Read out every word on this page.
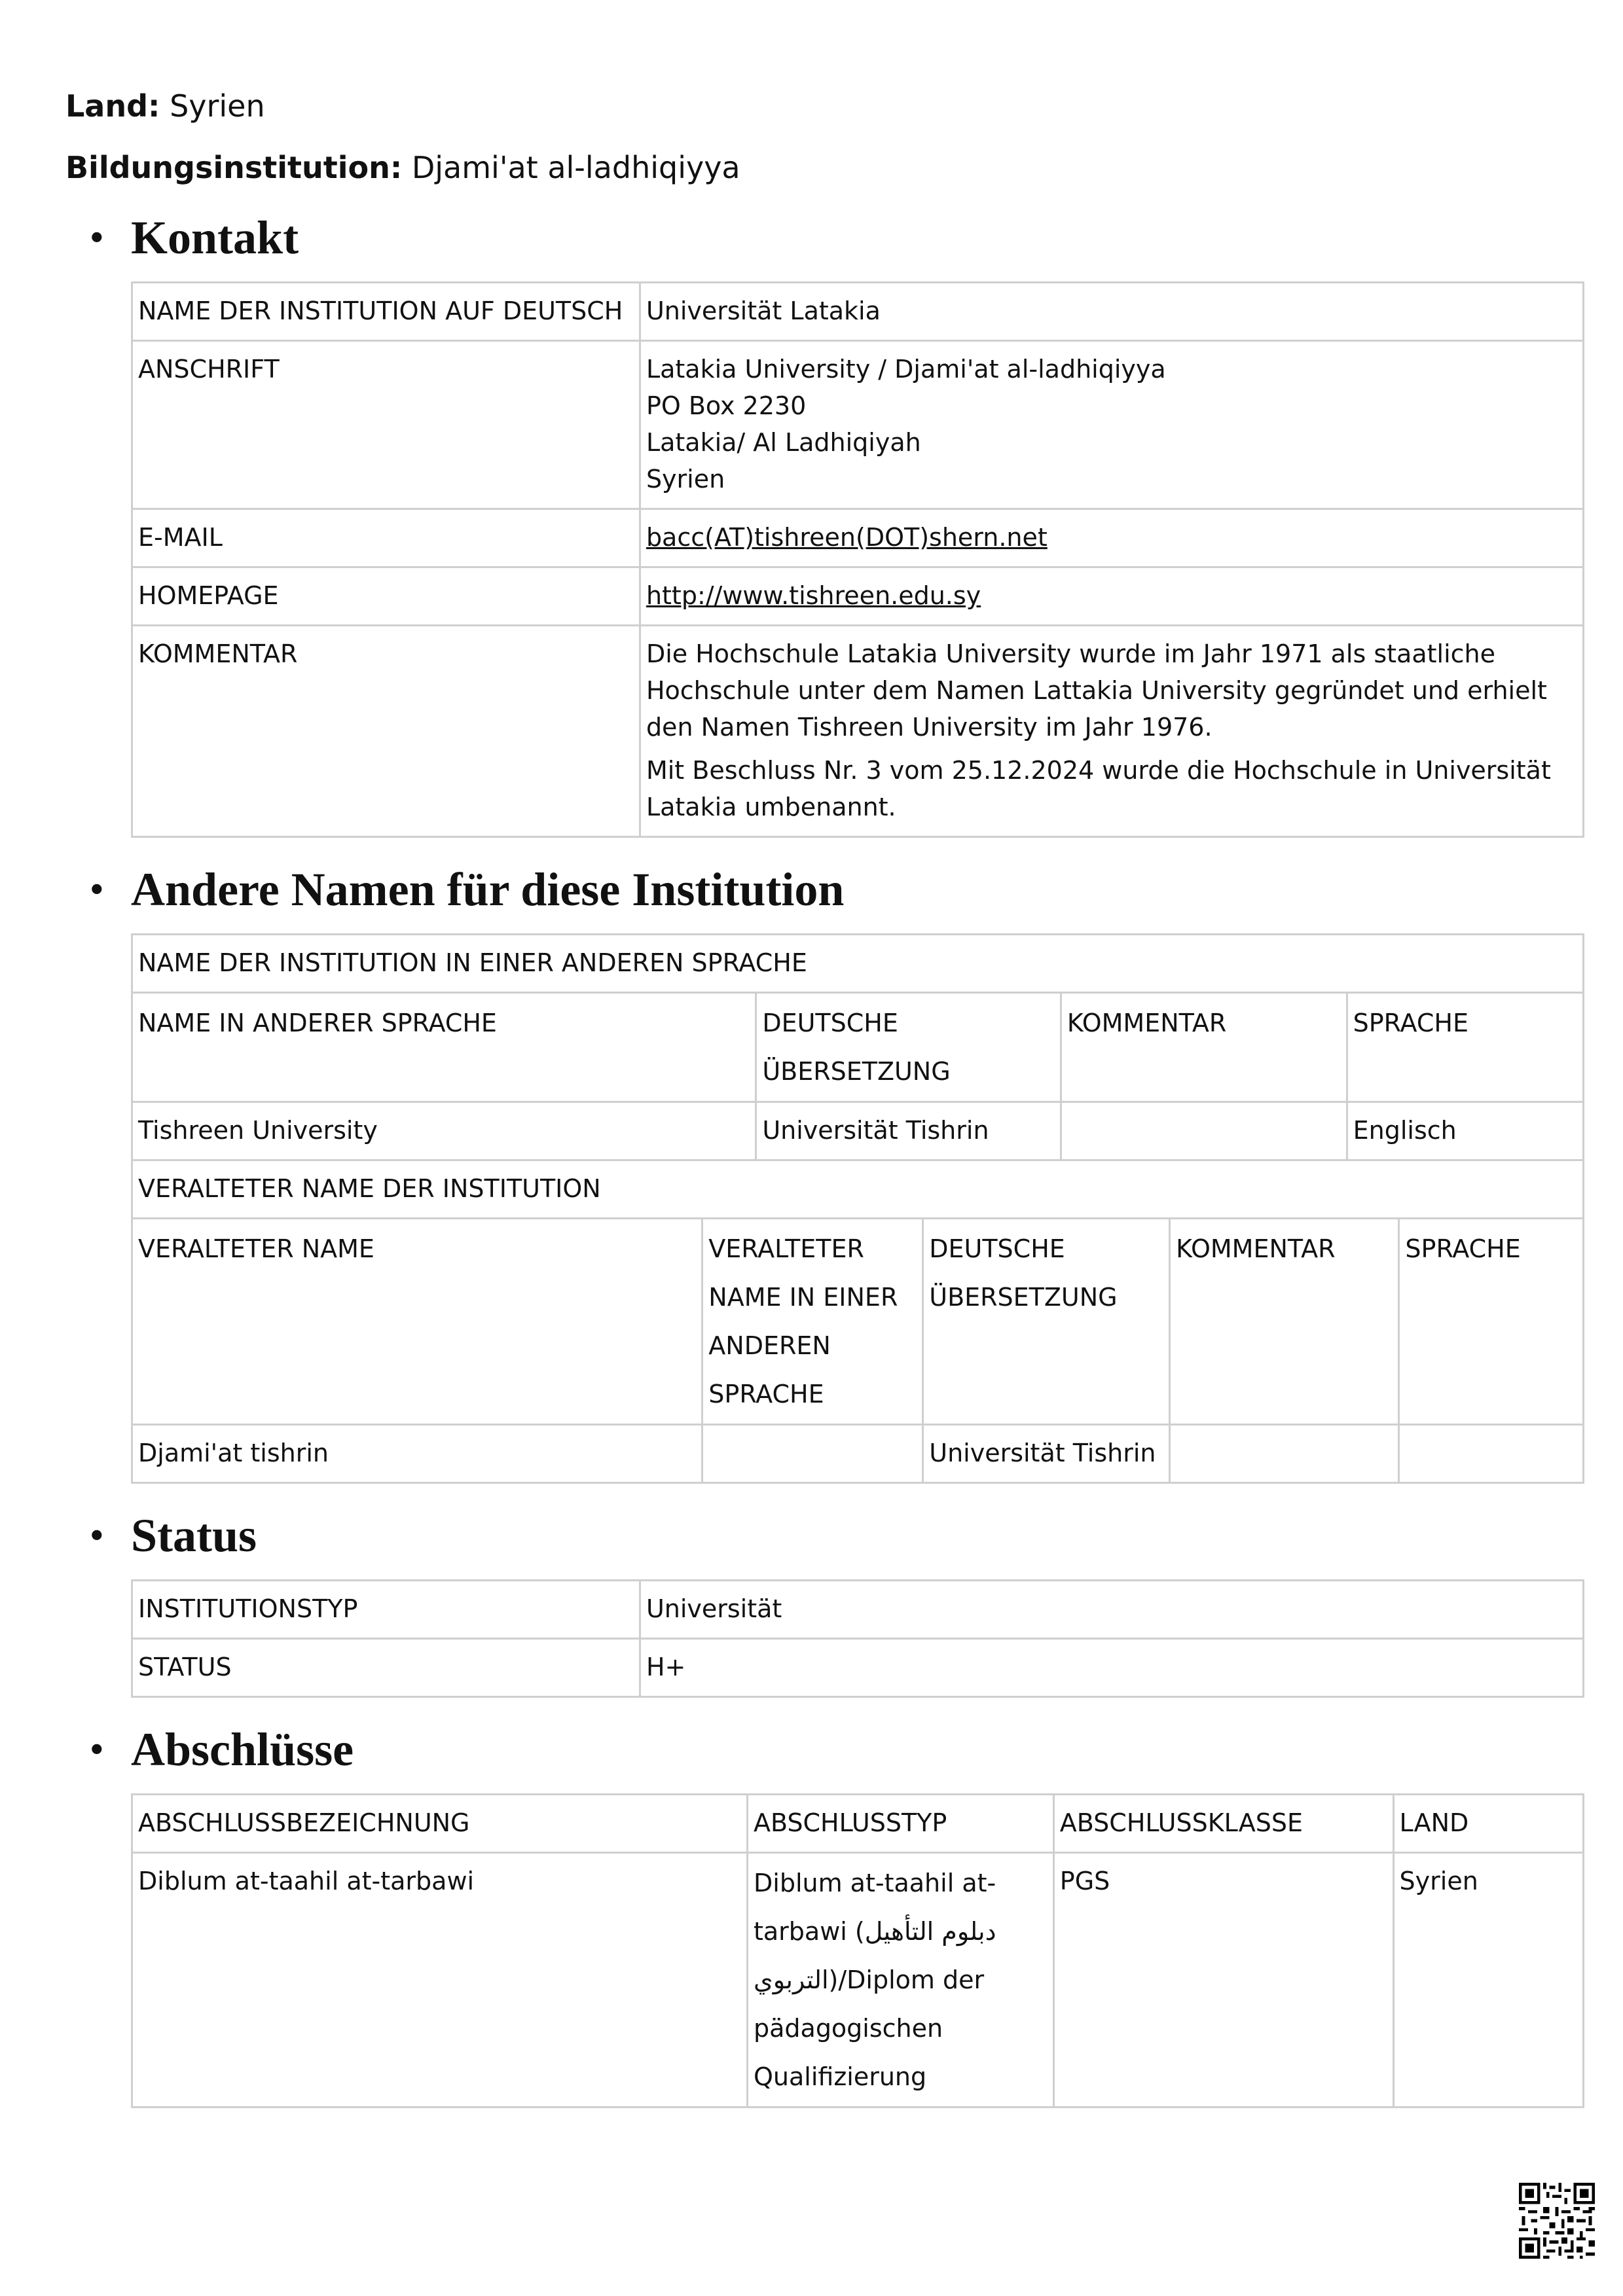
Land: Syrien
Bildungsinstitution: Djami'at al-ladhiqiyya
• Kontakt
NAME DER INSTITUTION AUF DEUTSCH	Universität Latakia
ANSCHRIFT	Latakia University / Djami'at al-ladhiqiyya
PO Box 2230
Latakia/ Al Ladhiqiyah
Syrien

E-MAIL	bacc(AT)tishreen(DOT)shern.net
HOMEPAGE	http://www.tishreen.edu.sy
KOMMENTAR	Die Hochschule Latakia University wurde im Jahr 1971 als staatliche Hochschule unter dem Namen Lattakia University gegründet und erhielt den Namen Tishreen University im Jahr 1976.

Mit Beschluss Nr. 3 vom 25.12.2024 wurde die Hochschule in Universität Latakia umbenannt.

• Andere Namen für diese Institution
NAME DER INSTITUTION IN EINER ANDEREN SPRACHE			
NAME IN ANDERER SPRACHE	DEUTSCHE ÜBERSETZUNG	KOMMENTAR	SPRACHE
Tishreen University	Universität Tishrin		Englisch
VERALTETER NAME DER INSTITUTION				
VERALTETER NAME	VERALTETER NAME IN EINER ANDEREN SPRACHE	DEUTSCHE ÜBERSETZUNG	KOMMENTAR	SPRACHE
Djami'at tishrin		Universität Tishrin		
• Status
INSTITUTIONSTYP	Universität
STATUS	H+
• Abschlüsse
ABSCHLUSSBEZEICHNUNG	ABSCHLUSSTYP	ABSCHLUSSKLASSE	LAND
Diblum at-taahil at-tarbawi	Diblum at-taahil at-tarbawi (دبلوم التأهيل التربوي)/Diplom der pädagogischen Qualifizierung	PGS	Syrien
